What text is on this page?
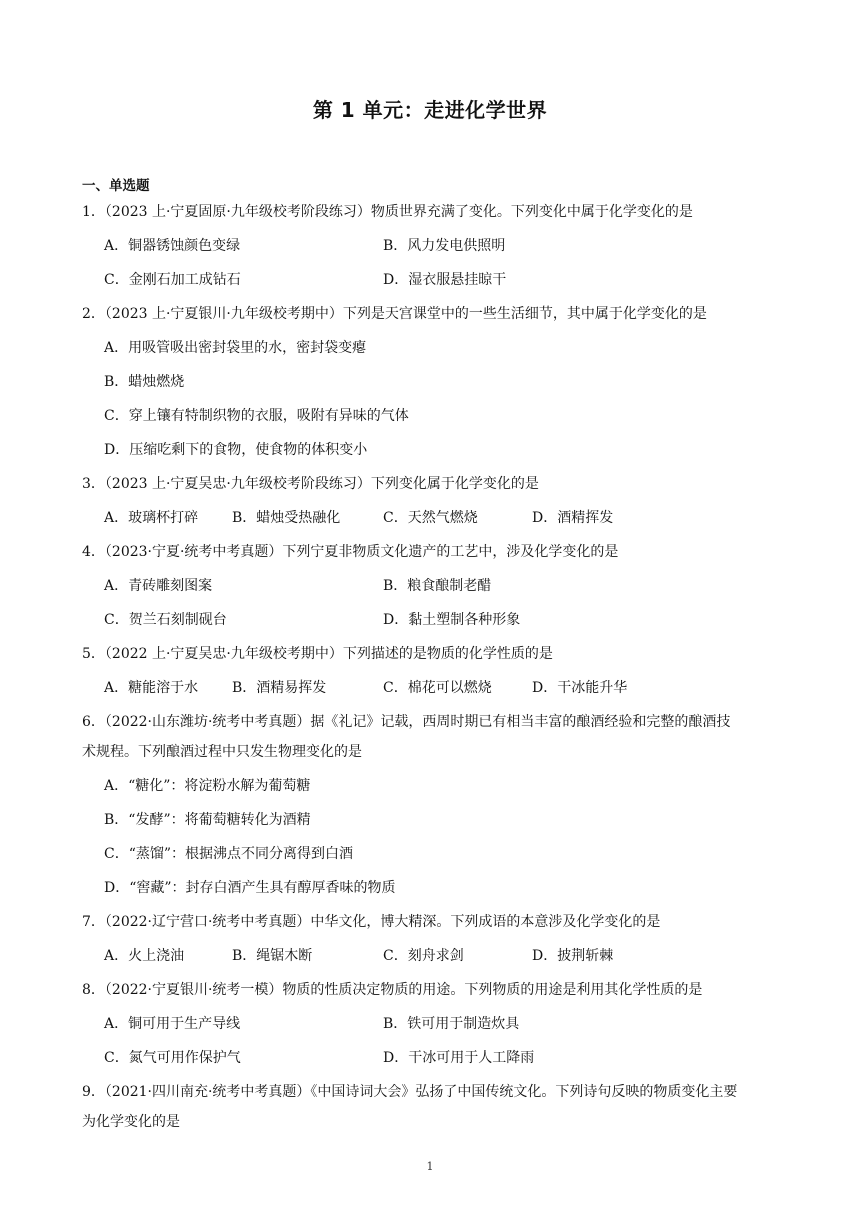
第 1 单元：走进化学世界
一、单选题
1．（2023 上·宁夏固原·九年级校考阶段练习）物质世界充满了变化。下列变化中属于化学变化的是
A．铜器锈蚀颜色变绿	B．风力发电供照明
C．金刚石加工成钻石	D．湿衣服悬挂晾干
2．（2023 上·宁夏银川·九年级校考期中）下列是天宫课堂中的一些生活细节，其中属于化学变化的是
A．用吸管吸出密封袋里的水，密封袋变瘪
B．蜡烛燃烧
C．穿上镶有特制织物的衣服，吸附有异味的气体
D．压缩吃剩下的食物，使食物的体积变小
3．（2023 上·宁夏吴忠·九年级校考阶段练习）下列变化属于化学变化的是
A．玻璃杯打碎 B．蜡烛受热融化	C．天然气燃烧	D．酒精挥发
4．（2023·宁夏·统考中考真题）下列宁夏非物质文化遗产的工艺中，涉及化学变化的是
A．青砖雕刻图案	B．粮食酿制老醋
C．贺兰石刻制砚台	D．黏土塑制各种形象
5．（2022 上·宁夏吴忠·九年级校考期中）下列描述的是物质的化学性质的是
A．糖能溶于水 B．酒精易挥发	C．棉花可以燃烧	D．干冰能升华
6．（2022·山东潍坊·统考中考真题）据《礼记》记载，西周时期已有相当丰富的酿酒经验和完整的酿酒技
术规程。下列酿酒过程中只发生物理变化的是
A．“糖化”：将淀粉水解为葡萄糖
B．“发酵”：将葡萄糖转化为酒精
C．“蒸馏”：根据沸点不同分离得到白酒
D．“窖藏”：封存白酒产生具有醇厚香味的物质
7．（2022·辽宁营口·统考中考真题）中华文化，博大精深。下列成语的本意涉及化学变化的是
A．火上浇油	B．绳锯木断	C．刻舟求剑	D．披荆斩棘
8．（2022·宁夏银川·统考一模）物质的性质决定物质的用途。下列物质的用途是利用其化学性质的是
A．铜可用于生产导线	B．铁可用于制造炊具
C．氮气可用作保护气	D．干冰可用于人工降雨
9．（2021·四川南充·统考中考真题）《中国诗词大会》弘扬了中国传统文化。下列诗句反映的物质变化主要
为化学变化的是
1
